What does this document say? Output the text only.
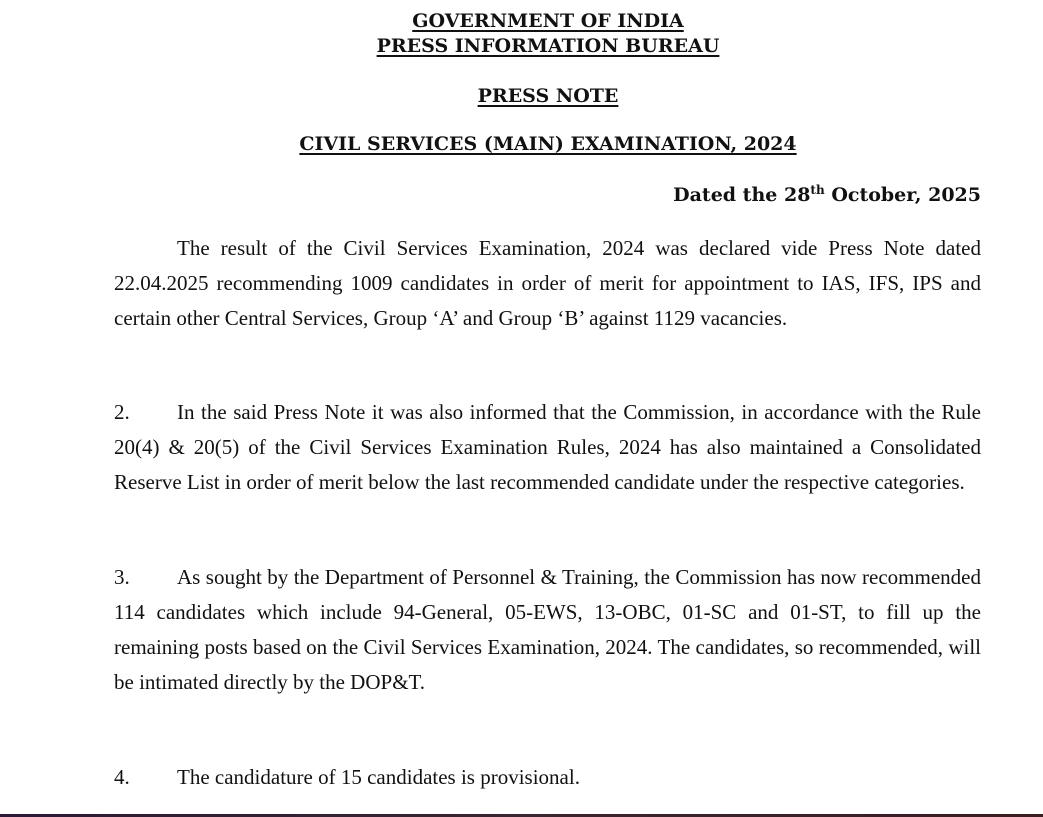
GOVERNMENT OF INDIA
PRESS INFORMATION BUREAU
PRESS NOTE
CIVIL SERVICES (MAIN) EXAMINATION, 2024
Dated the 28th October, 2025
The result of the Civil Services Examination, 2024 was declared vide Press Note dated 22.04.2025 recommending 1009 candidates in order of merit for appointment to IAS, IFS, IPS and certain other Central Services, Group ‘A’ and Group ‘B’ against 1129 vacancies.
2. In the said Press Note it was also informed that the Commission, in accordance with the Rule 20(4) & 20(5) of the Civil Services Examination Rules, 2024 has also maintained a Consolidated Reserve List in order of merit below the last recommended candidate under the respective categories.
3. As sought by the Department of Personnel & Training, the Commission has now recommended 114 candidates which include 94-General, 05-EWS, 13-OBC, 01-SC and 01-ST, to fill up the remaining posts based on the Civil Services Examination, 2024. The candidates, so recommended, will be intimated directly by the DOP&T.
4. The candidature of 15 candidates is provisional.
